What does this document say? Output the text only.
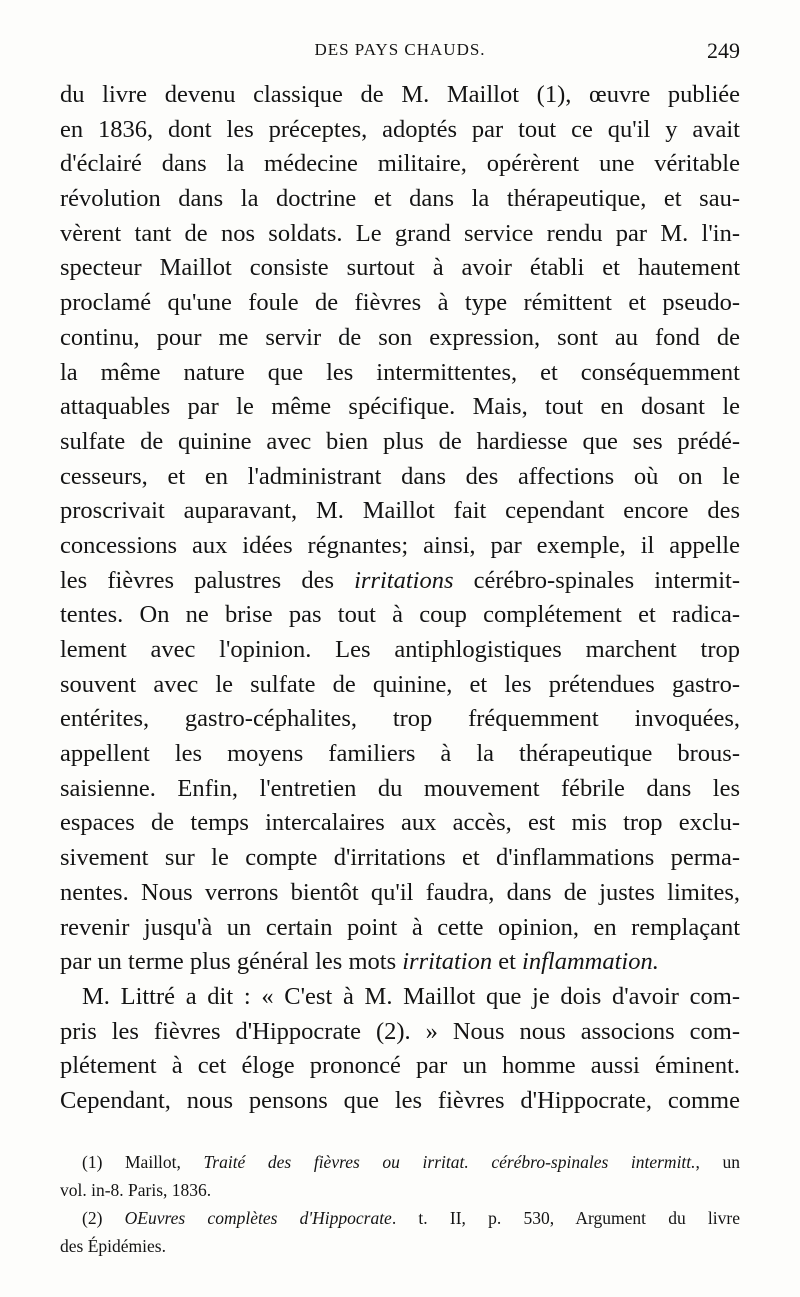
DES PAYS CHAUDS.	249
du livre devenu classique de M. Maillot (1), œuvre publiée
en 1836, dont les préceptes, adoptés par tout ce qu'il y avait
d'éclairé dans la médecine militaire, opérèrent une véritable
révolution dans la doctrine et dans la thérapeutique, et sau-
vèrent tant de nos soldats. Le grand service rendu par M. l'in-
specteur Maillot consiste surtout à avoir établi et hautement
proclamé qu'une foule de fièvres à type rémittent et pseudo-
continu, pour me servir de son expression, sont au fond de
la même nature que les intermittentes, et conséquemment
attaquables par le même spécifique. Mais, tout en dosant le
sulfate de quinine avec bien plus de hardiesse que ses prédé-
cesseurs, et en l'administrant dans des affections où on le
proscrivait auparavant, M. Maillot fait cependant encore des
concessions aux idées régnantes; ainsi, par exemple, il appelle
les fièvres palustres des irritations cérébro-spinales intermit-
tentes. On ne brise pas tout à coup complétement et radica-
lement avec l'opinion. Les antiphlogistiques marchent trop
souvent avec le sulfate de quinine, et les prétendues gastro-
entérites, gastro-céphalites, trop fréquemment invoquées,
appellent les moyens familiers à la thérapeutique brous-
saisienne. Enfin, l'entretien du mouvement fébrile dans les
espaces de temps intercalaires aux accès, est mis trop exclu-
sivement sur le compte d'irritations et d'inflammations perma-
nentes. Nous verrons bientôt qu'il faudra, dans de justes limites,
revenir jusqu'à un certain point à cette opinion, en remplaçant
par un terme plus général les mots irritation et inflammation.
M. Littré a dit : « C'est à M. Maillot que je dois d'avoir com-
pris les fièvres d'Hippocrate (2). » Nous nous associons com-
plétement à cet éloge prononcé par un homme aussi éminent.
Cependant, nous pensons que les fièvres d'Hippocrate, comme
(1) Maillot, Traité des fièvres ou irritat. cérébro-spinales intermitt., un
vol. in-8. Paris, 1836.
(2) OEuvres complètes d'Hippocrate. t. II, p. 530, Argument du livre
des Épidémies.
